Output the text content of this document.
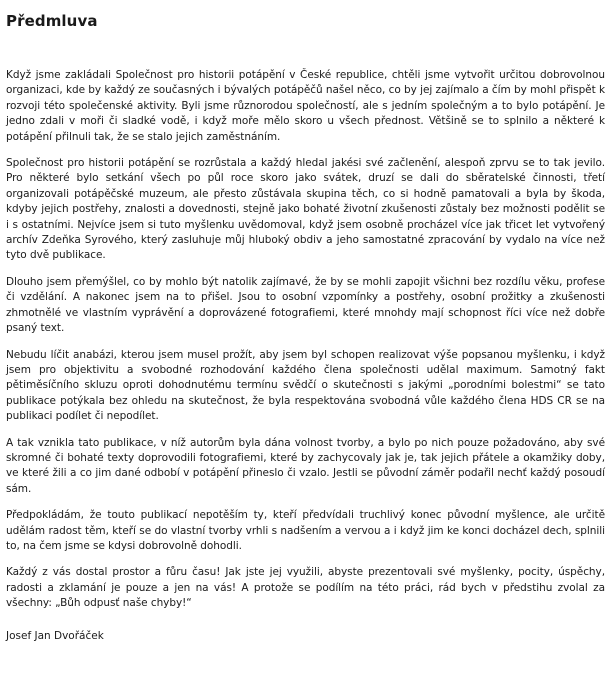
Předmluva

Když jsme zakládali Společnost pro historii potápění v České republice, chtěli jsme vytvořit určitou dobrovolnou organizaci, kde by každý ze současných i bývalých potápěčů našel něco, co by jej zajímalo a čím by mohl přispět k rozvoji této společenské aktivity. Byli jsme různorodou společností, ale s jedním společným a to bylo potápění. Je jedno zdali v moři či sladké vodě, i když moře mělo skoro u všech přednost. Většině se to splnilo a některé k potápění přilnuli tak, že se stalo jejich zaměstnáním.

Společnost pro historii potápění se rozrůstala a každý hledal jakési své začlenění, alespoň zprvu se to tak jevilo. Pro některé bylo setkání všech po půl roce skoro jako svátek, druzí se dali do sběratelské činnosti, třetí organizovali potápěčské muzeum, ale přesto zůstávala skupina těch, co si hodně pamatovali a byla by škoda, kdyby jejich postřehy, znalosti a dovednosti, stejně jako bohaté životní zkušenosti zůstaly bez možnosti podělit se i s ostatními. Nejvíce jsem si tuto myšlenku uvědomoval, když jsem osobně procházel více jak třicet let vytvořený archív Zdeňka Syrového, který zasluhuje můj hluboký obdiv a jeho samostatné zpracování by vydalo na více než tyto dvě publikace.

Dlouho jsem přemýšlel, co by mohlo být natolik zajímavé, že by se mohli zapojit všichni bez rozdílu věku, profese či vzdělání. A nakonec jsem na to přišel. Jsou to osobní vzpomínky a postřehy, osobní prožitky a zkušenosti zhmotnělé ve vlastním vyprávění a doprovázené fotografiemi, které mnohdy mají schopnost říci více než dobře psaný text.

Nebudu líčit anabázi, kterou jsem musel prožít, aby jsem byl schopen realizovat výše popsanou myšlenku, i když jsem pro objektivitu a svobodné rozhodování každého člena společnosti udělal maximum. Samotný fakt pětiměsíčního skluzu oproti dohodnutému termínu svědčí o skutečnosti s jakými „porodními bolestmi“ se tato publikace potýkala bez ohledu na skutečnost, že byla respektována svobodná vůle každého člena HDS CR se na publikaci podílet či nepodílet.

A tak vznikla tato publikace, v níž autorům byla dána volnost tvorby, a bylo po nich pouze požadováno, aby své skromné či bohaté texty doprovodili fotografiemi, které by zachycovaly jak je, tak jejich přátele a okamžiky doby, ve které žili a co jim dané odbobí v potápění přineslo či vzalo. Jestli se původní záměr podařil nechť každý posoudí sám.

Předpokládám, že touto publikací nepotěším ty, kteří předvídali truchlivý konec původní myšlence, ale určitě udělám radost těm, kteří se do vlastní tvorby vrhli s nadšením a vervou a i když jim ke konci docházel dech, splnili to, na čem jsme se kdysi dobrovolně dohodli.

Každý z vás dostal prostor a fůru času! Jak jste jej využili, abyste prezentovali své myšlenky, pocity, úspěchy, radosti a zklamání je pouze a jen na vás! A protože se podílím na této práci, rád bych v předstihu zvolal za všechny: „Bůh odpusť naše chyby!“

Josef Jan Dvořáček
